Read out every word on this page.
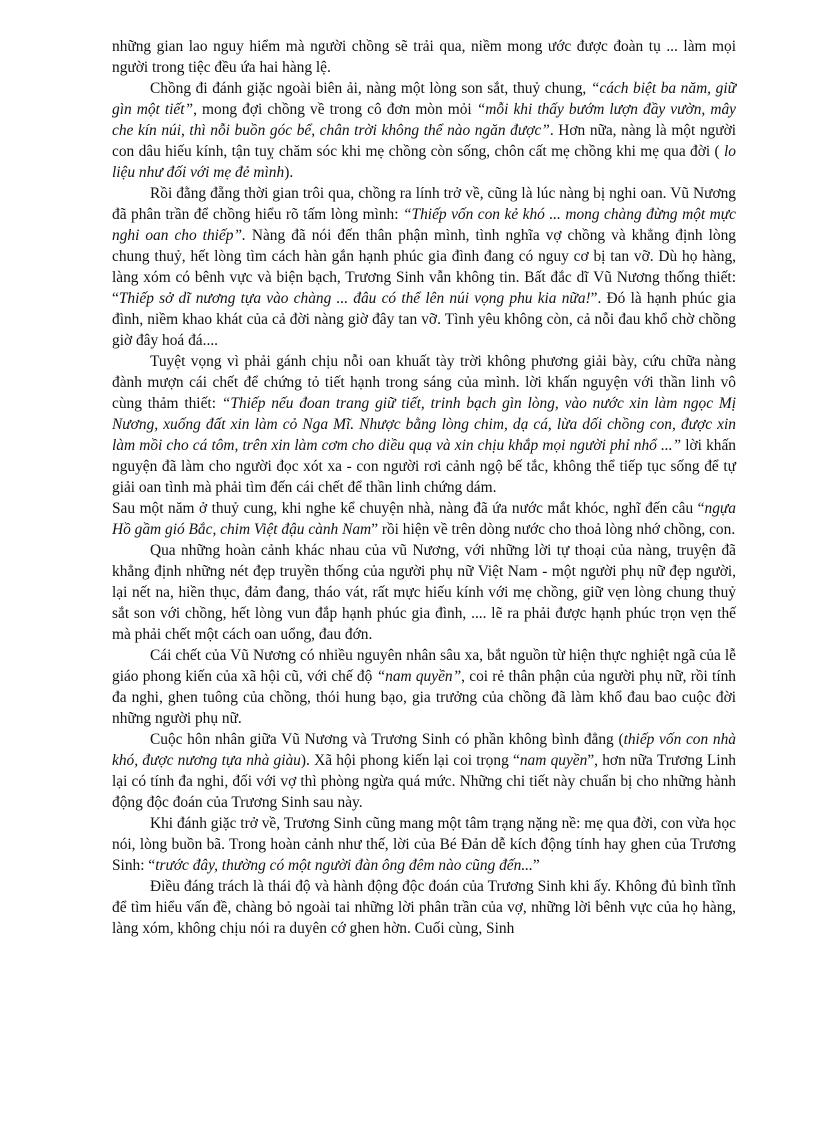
những gian lao nguy hiểm mà người chồng sẽ trải qua, niềm mong ước được đoàn tụ ... làm mọi người trong tiệc đều ứa hai hàng lệ.

Chồng đi đánh giặc ngoài biên ải, nàng một lòng son sắt, thuỷ chung, “cách biệt ba năm, giữ gìn một tiết”, mong đợi chồng về trong cô đơn mòn mỏi “mỗi khi thấy bướm lượn đầy vườn, mây che kín núi, thì nỗi buồn góc bể, chân trời không thể nào ngăn được”. Hơn nữa, nàng là một người con dâu hiếu kính, tận tuỵ chăm sóc khi mẹ chồng còn sống, chôn cất mẹ chồng khi mẹ qua đời ( lo liệu như đối với mẹ đẻ mình).

Rồi đằng đẵng thời gian trôi qua, chồng ra lính trở về, cũng là lúc nàng bị nghi oan. Vũ Nương đã phân trần để chồng hiểu rõ tấm lòng mình: “Thiếp vốn con kẻ khó ... mong chàng đừng một mực nghi oan cho thiếp”. Nàng đã nói đến thân phận mình, tình nghĩa vợ chồng và khẳng định lòng chung thuỷ, hết lòng tìm cách hàn gắn hạnh phúc gia đình đang có nguy cơ bị tan vỡ. Dù họ hàng, làng xóm có bênh vực và biện bạch, Trương Sinh vẫn không tin. Bất đắc dĩ Vũ Nương thống thiết: “Thiếp sở dĩ nương tựa vào chàng ... đâu có thể lên núi vọng phu kia nữa!”. Đó là hạnh phúc gia đình, niềm khao khát của cả đời nàng giờ đây tan vỡ. Tình yêu không còn, cả nỗi đau khổ chờ chồng giờ đây hoá đá....

Tuyệt vọng vì phải gánh chịu nỗi oan khuất tày trời không phương giải bày, cứu chữa nàng đành mượn cái chết để chứng tỏ tiết hạnh trong sáng của mình. lời khấn nguyện với thần linh vô cùng thảm thiết: “Thiếp nếu đoan trang giữ tiết, trinh bạch gìn lòng, vào nước xin làm ngọc Mị Nương, xuống đất xin làm cỏ Nga Mĩ. Nhược bằng lòng chim, dạ cá, lừa dối chồng con, được xin làm mồi cho cá tôm, trên xin làm cơm cho diều quạ và xin chịu khắp mọi người phỉ nhổ ...” lời khấn nguyện đã làm cho người đọc xót xa - con người rơi cảnh ngộ bế tắc, không thể tiếp tục sống để tự giải oan tình mà phải tìm đến cái chết để thần linh chứng dám.

Sau một năm ở thuỷ cung, khi nghe kể chuyện nhà, nàng đã ứa nước mắt khóc, nghĩ đến câu “ngựa Hồ gầm gió Bắc, chim Việt đậu cành Nam” rồi hiện về trên dòng nước cho thoả lòng nhớ chồng, con.

Qua những hoàn cảnh khác nhau của vũ Nương, với những lời tự thoại của nàng, truyện đã khẳng định những nét đẹp truyền thống của người phụ nữ Việt Nam - một người phụ nữ đẹp người, lại nết na, hiền thục, đảm đang, tháo vát, rất mực hiếu kính với mẹ chồng, giữ vẹn lòng chung thuỷ sắt son với chồng, hết lòng vun đắp hạnh phúc gia đình, .... lẽ ra phải được hạnh phúc trọn vẹn thế mà phải chết một cách oan uổng, đau đớn.

Cái chết của Vũ Nương có nhiều nguyên nhân sâu xa, bắt nguồn từ hiện thực nghiệt ngã của lễ giáo phong kiến của xã hội cũ, với chế độ “nam quyền”, coi rẻ thân phận của người phụ nữ, rồi tính đa nghi, ghen tuông của chồng, thói hung bạo, gia trưởng của chồng đã làm khổ đau bao cuộc đời những người phụ nữ.

Cuộc hôn nhân giữa Vũ Nương và Trương Sinh có phần không bình đẳng (thiếp vốn con nhà khó, được nương tựa nhà giàu). Xã hội phong kiến lại coi trọng “nam quyền”, hơn nữa Trương Linh lại có tính đa nghi, đối với vợ thì phòng ngừa quá mức. Những chi tiết này chuẩn bị cho những hành động độc đoán của Trương Sinh sau này.

Khi đánh giặc trở về, Trương Sinh cũng mang một tâm trạng nặng nề: mẹ qua đời, con vừa học nói, lòng buồn bã. Trong hoàn cảnh như thế, lời của Bé Đản dễ kích động tính hay ghen của Trương Sinh: “trước đây, thường có một người đàn ông đêm nào cũng đến...”

Điều đáng trách là thái độ và hành động độc đoán của Trương Sinh khi ấy. Không đủ bình tĩnh để tìm hiểu vấn đề, chàng bỏ ngoài tai những lời phân trần của vợ, những lời bênh vực của họ hàng, làng xóm, không chịu nói ra duyên cớ ghen hờn. Cuối cùng, Sinh
